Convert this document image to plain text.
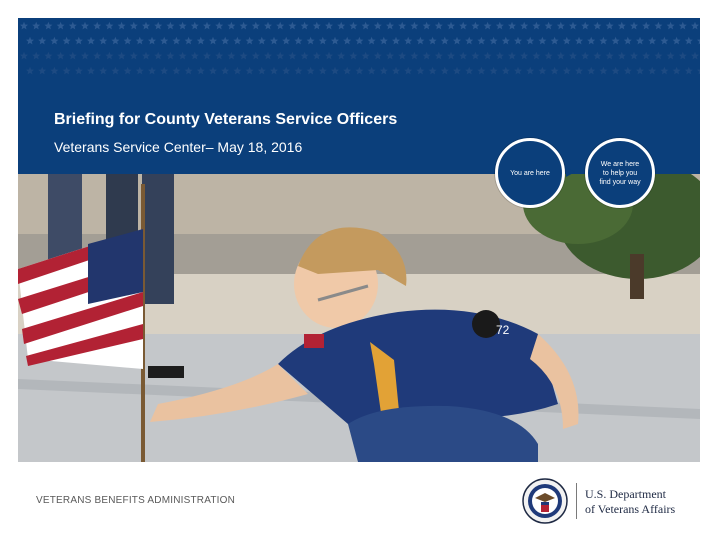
Briefing for County Veterans Service Officers
Veterans Service Center– May 18, 2016
72
You are here
We are here
to help you
find your way
VETERANS BENEFITS ADMINISTRATION	U.S. Department
of Veterans Affairs
